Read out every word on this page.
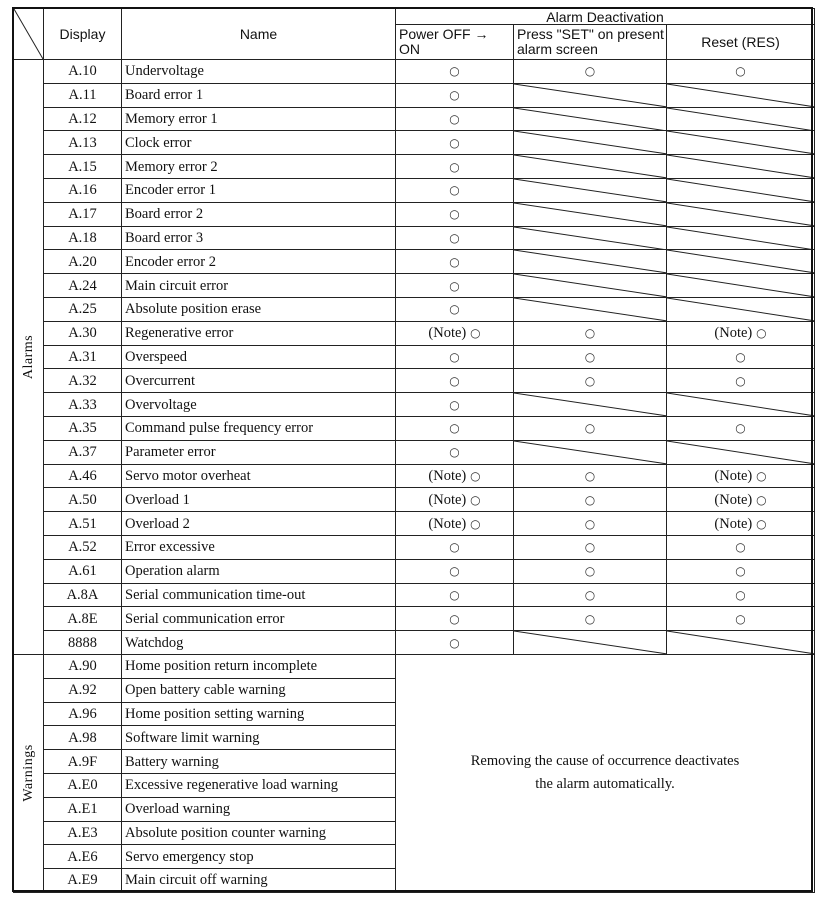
	Display	Name	Alarm Deactivation		
			Power OFF → ON	Press "SET" on present alarm screen	Reset (RES)

Alarms	A.10	Undervoltage	○	○	○
	A.11	Board error 1	○	

	A.12	Memory error 1	○	

	A.13	Clock error	○	

	A.15	Memory error 2	○	

	A.16	Encoder error 1	○	

	A.17	Board error 2	○	

	A.18	Board error 3	○	

	A.20	Encoder error 2	○	

	A.24	Main circuit error	○	

	A.25	Absolute position erase	○	

	A.30	Regenerative error	(Note) ○	○	(Note) ○
	A.31	Overspeed	○	○	○
	A.32	Overcurrent	○	○	○
	A.33	Overvoltage	○	

	A.35	Command pulse frequency error	○	○	○
	A.37	Parameter error	○	

	A.46	Servo motor overheat	(Note) ○	○	(Note) ○
	A.50	Overload 1	(Note) ○	○	(Note) ○
	A.51	Overload 2	(Note) ○	○	(Note) ○
	A.52	Error excessive	○	○	○
	A.61	Operation alarm	○	○	○
	A.8A	Serial communication time-out	○	○	○
	A.8E	Serial communication error	○	○	○
	8888	Watchdog	○	

Warnings	A.90	Home position return incomplete	Removing the cause of occurrence deactivates the alarm automatically.		

	A.92	Open battery cable warning			
	A.96	Home position setting warning			
	A.98	Software limit warning			
	A.9F	Battery warning			
	A.E0	Excessive regenerative load warning			
	A.E1	Overload warning			
	A.E3	Absolute position counter warning			
	A.E6	Servo emergency stop			
	A.E9	Main circuit off warning			
